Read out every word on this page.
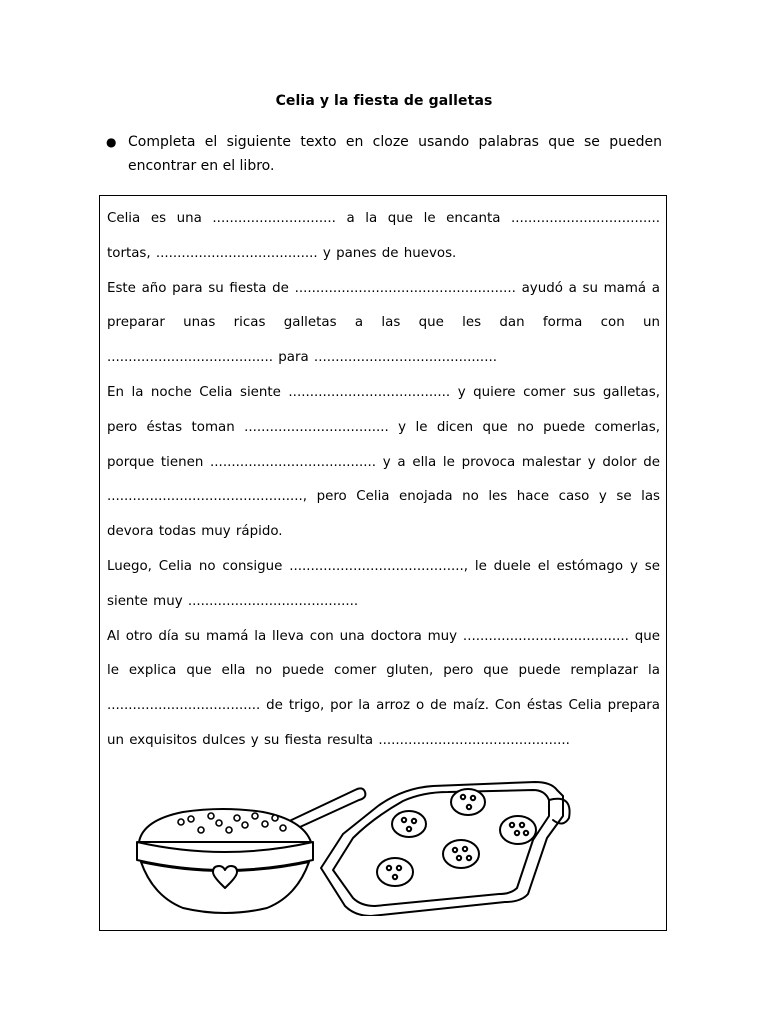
Celia y la fiesta de galletas
● Completa el siguiente texto en cloze usando palabras que se pueden encontrar en el libro.

Celia es una ............................. a la que le encanta ................................... tortas, ...................................... y panes de huevos.

Este año para su fiesta de .................................................... ayudó a su mamá a preparar unas ricas galletas a las que les dan forma con un ....................................... para ...........................................

En la noche Celia siente ...................................... y quiere comer sus galletas, pero éstas toman .................................. y le dicen que no puede comerlas, porque tienen ....................................... y a ella le provoca malestar y dolor de .............................................., pero Celia enojada no les hace caso y se las devora todas muy rápido.

Luego, Celia no consigue ........................................., le duele el estómago y se siente muy ........................................

Al otro día su mamá la lleva con una doctora muy ....................................... que le explica que ella no puede comer gluten, pero que puede remplazar la .................................... de trigo, por la arroz o de maíz. Con éstas Celia prepara un exquisitos dulces y su fiesta resulta .............................................
